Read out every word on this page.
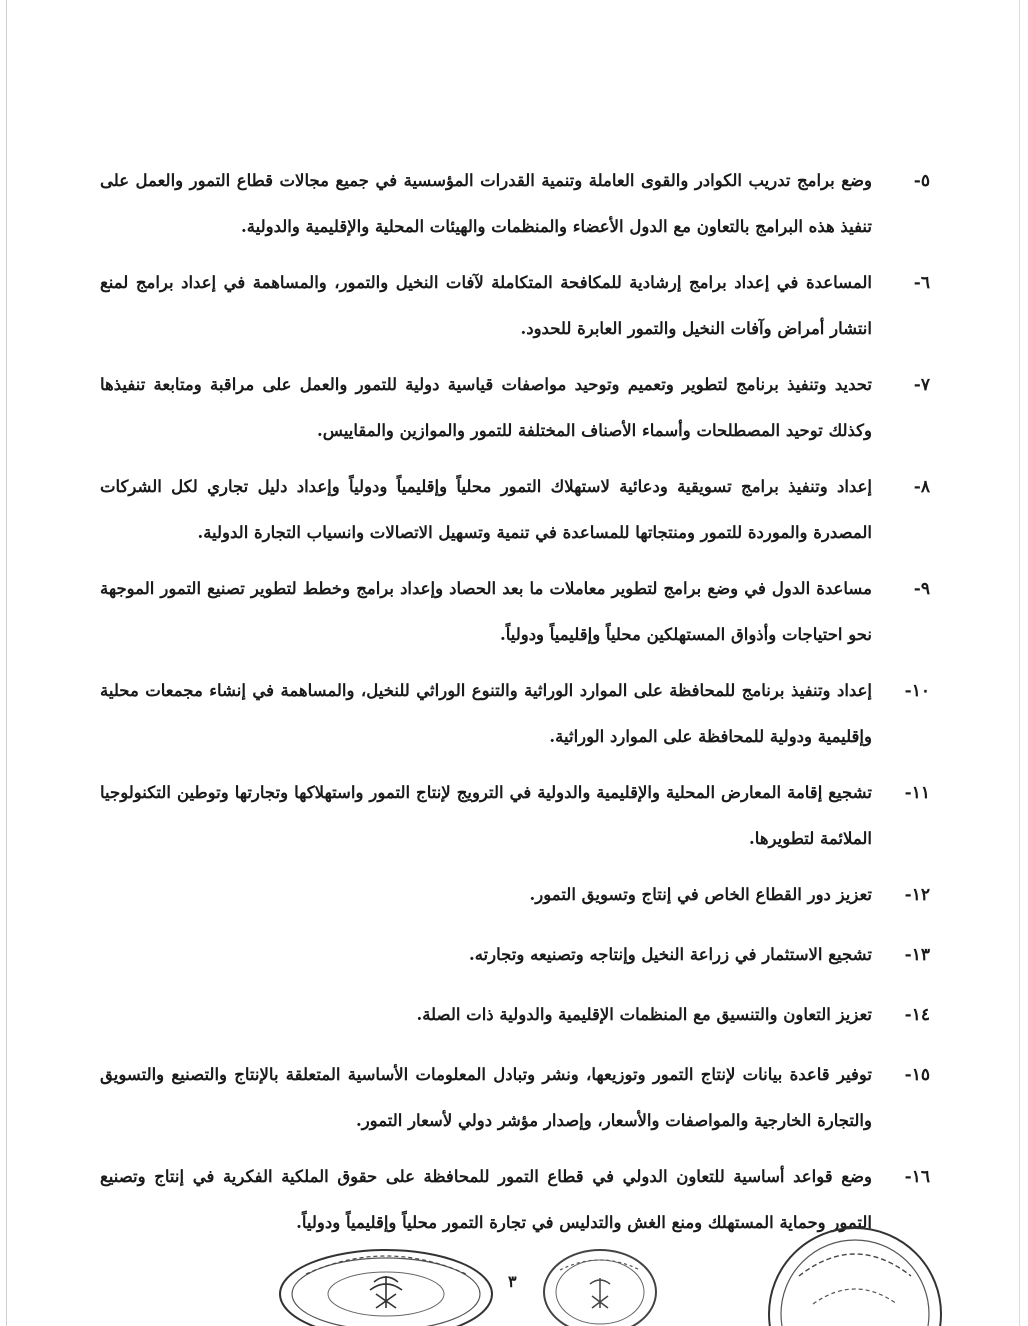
٥-
وضع برامج تدريب الكوادر والقوى العاملة وتنمية القدرات المؤسسية في جميع مجالات قطاع التمور والعمل على تنفيذ هذه البرامج بالتعاون مع الدول الأعضاء والمنظمات والهيئات المحلية والإقليمية والدولية.
٦-
المساعدة في إعداد برامج إرشادية للمكافحة المتكاملة لآفات النخيل والتمور، والمساهمة في إعداد برامج لمنع انتشار أمراض وآفات النخيل والتمور العابرة للحدود.
٧-
تحديد وتنفيذ برنامج لتطوير وتعميم وتوحيد مواصفات قياسية دولية للتمور والعمل على مراقبة ومتابعة تنفيذها وكذلك توحيد المصطلحات وأسماء الأصناف المختلفة للتمور والموازين والمقاييس.
٨-
إعداد وتنفيذ برامج تسويقية ودعائية لاستهلاك التمور محلياً وإقليمياً ودولياً وإعداد دليل تجاري لكل الشركات المصدرة والموردة للتمور ومنتجاتها للمساعدة في تنمية وتسهيل الاتصالات وانسياب التجارة الدولية.
٩-
مساعدة الدول في وضع برامج لتطوير معاملات ما بعد الحصاد وإعداد برامج وخطط لتطوير تصنيع التمور الموجهة نحو احتياجات وأذواق المستهلكين محلياً وإقليمياً ودولياً.
١٠-
إعداد وتنفيذ برنامج للمحافظة على الموارد الوراثية والتنوع الوراثي للنخيل، والمساهمة في إنشاء مجمعات محلية وإقليمية ودولية للمحافظة على الموارد الوراثية.
١١-
تشجيع إقامة المعارض المحلية والإقليمية والدولية في الترويج لإنتاج التمور واستهلاكها وتجارتها وتوطين التكنولوجيا الملائمة لتطويرها.
١٢-
تعزيز دور القطاع الخاص في إنتاج وتسويق التمور.
١٣-
تشجيع الاستثمار في زراعة النخيل وإنتاجه وتصنيعه وتجارته.
١٤-
تعزيز التعاون والتنسيق مع المنظمات الإقليمية والدولية ذات الصلة.
١٥-
توفير قاعدة بيانات لإنتاج التمور وتوزيعها، ونشر وتبادل المعلومات الأساسية المتعلقة بالإنتاج والتصنيع والتسويق والتجارة الخارجية والمواصفات والأسعار، وإصدار مؤشر دولي لأسعار التمور.
١٦-
وضع قواعد أساسية للتعاون الدولي في قطاع التمور للمحافظة على حقوق الملكية الفكرية في إنتاج وتصنيع التمور وحماية المستهلك ومنع الغش والتدليس في تجارة التمور محلياً وإقليمياً ودولياً.
٣
